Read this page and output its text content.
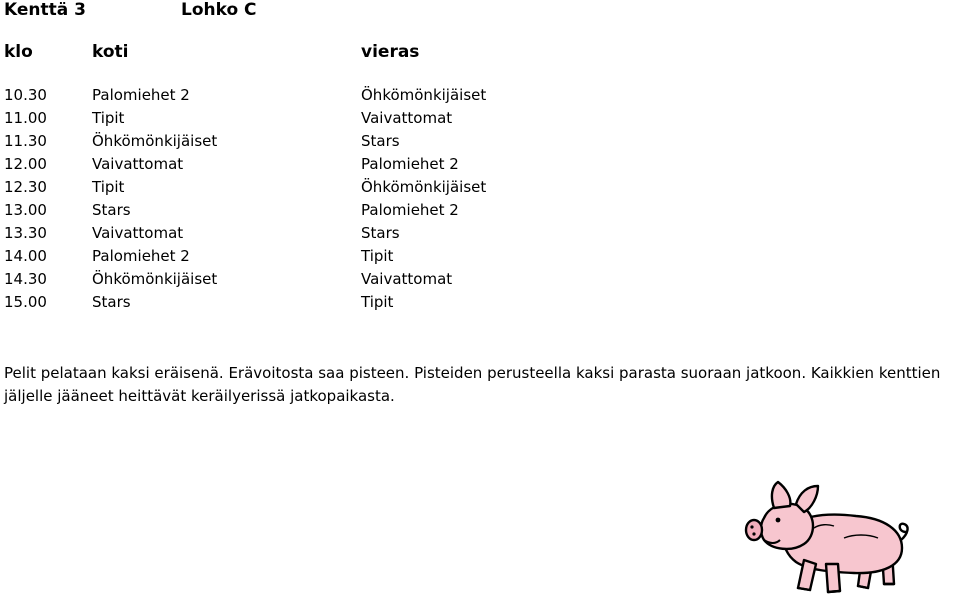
Kenttä 3	Lohko C
klo	koti	vieras
10.30	Palomiehet 2	Öhkömönkijäiset
11.00	Tipit	Vaivattomat
11.30	Öhkömönkijäiset	Stars
12.00	Vaivattomat	Palomiehet 2
12.30	Tipit	Öhkömönkijäiset
13.00	Stars	Palomiehet 2
13.30	Vaivattomat	Stars
14.00	Palomiehet 2	Tipit
14.30	Öhkömönkijäiset	Vaivattomat
15.00	Stars	Tipit
Pelit pelataan kaksi eräisenä. Erävoitosta saa pisteen. Pisteiden perusteella kaksi parasta suoraan jatkoon. Kaikkien kenttien
jäljelle jääneet heittävät keräilyerissä jatkopaikasta.
